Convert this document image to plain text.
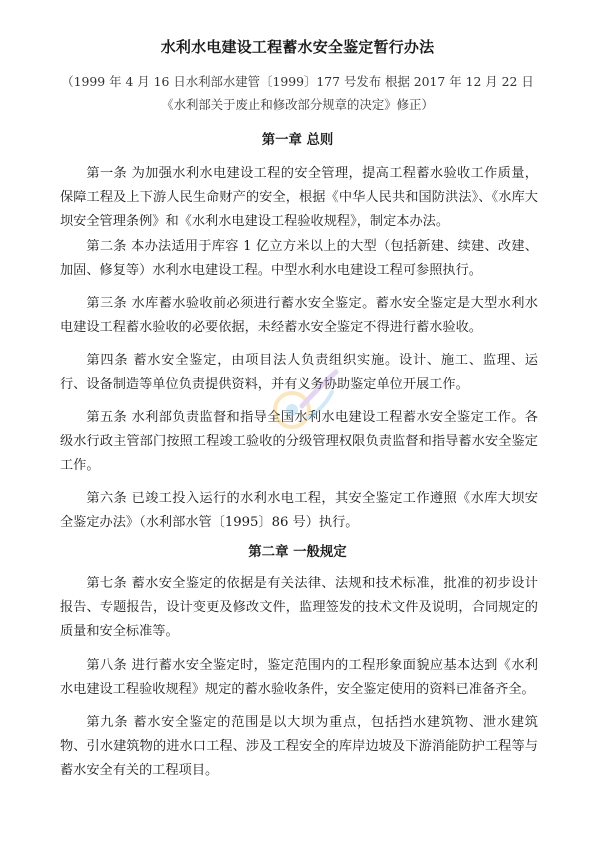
水利水电建设工程蓄水安全鉴定暂行办法
（1999 年 4 月 16 日水利部水建管〔1999〕177 号发布 根据 2017 年 12 月 22 日
《水利部关于废止和修改部分规章的决定》修正）
第一章 总则

第一条 为加强水利水电建设工程的安全管理，提高工程蓄水验收工作质量，保障工程及上下游人民生命财产的安全，根据《中华人民共和国防洪法》、《水库大坝安全管理条例》和《水利水电建设工程验收规程》，制定本办法。

第二条 本办法适用于库容 1 亿立方米以上的大型（包括新建、续建、改建、加固、修复等）水利水电建设工程。中型水利水电建设工程可参照执行。

第三条 水库蓄水验收前必须进行蓄水安全鉴定。蓄水安全鉴定是大型水利水电建设工程蓄水验收的必要依据，未经蓄水安全鉴定不得进行蓄水验收。

第四条 蓄水安全鉴定，由项目法人负责组织实施。设计、施工、监理、运行、设备制造等单位负责提供资料，并有义务协助鉴定单位开展工作。

第五条 水利部负责监督和指导全国水利水电建设工程蓄水安全鉴定工作。各级水行政主管部门按照工程竣工验收的分级管理权限负责监督和指导蓄水安全鉴定工作。

第六条 已竣工投入运行的水利水电工程，其安全鉴定工作遵照《水库大坝安全鉴定办法》（水利部水管〔1995〕86 号）执行。

第二章 一般规定

第七条 蓄水安全鉴定的依据是有关法律、法规和技术标准，批准的初步设计报告、专题报告，设计变更及修改文件，监理签发的技术文件及说明，合同规定的质量和安全标准等。

第八条 进行蓄水安全鉴定时，鉴定范围内的工程形象面貌应基本达到《水利水电建设工程验收规程》规定的蓄水验收条件，安全鉴定使用的资料已准备齐全。

第九条 蓄水安全鉴定的范围是以大坝为重点，包括挡水建筑物、泄水建筑物、引水建筑物的进水口工程、涉及工程安全的库岸边坡及下游消能防护工程等与蓄水安全有关的工程项目。
